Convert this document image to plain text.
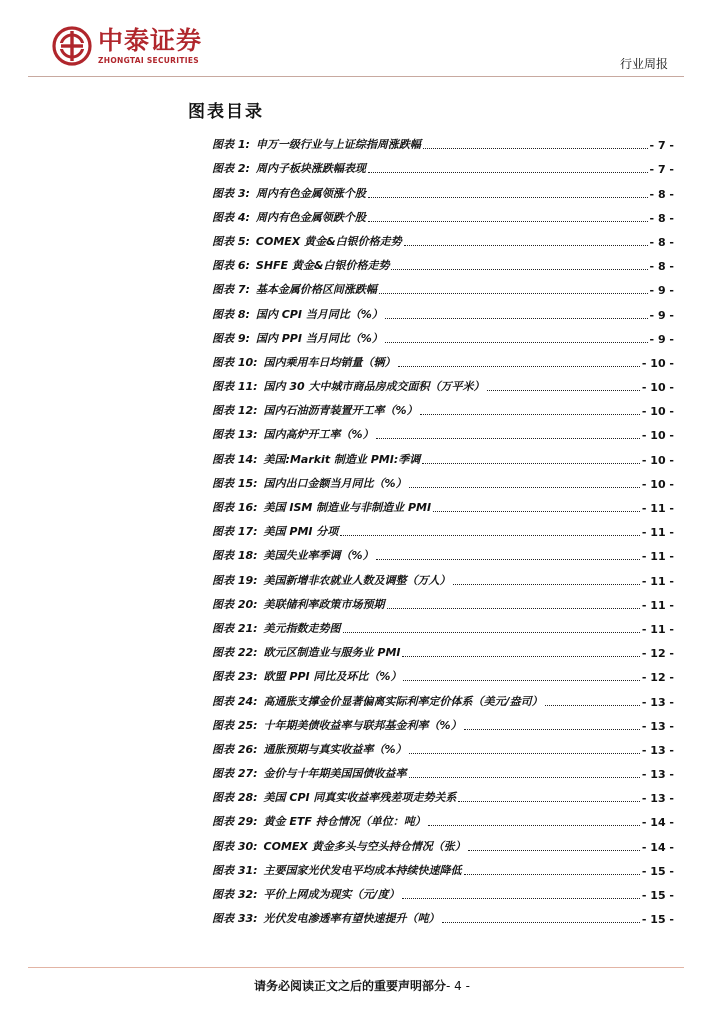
中泰证券
ZHONGTAI SECURITIES	行业周报
图表目录
图表 1: 申万一级行业与上证综指周涨跌幅	- 7 -
图表 2: 周内子板块涨跌幅表现	- 7 -
图表 3: 周内有色金属领涨个股	- 8 -
图表 4: 周内有色金属领跌个股	- 8 -
图表 5: COMEX 黄金&白银价格走势	- 8 -
图表 6: SHFE 黄金&白银价格走势	- 8 -
图表 7: 基本金属价格区间涨跌幅	- 9 -
图表 8: 国内 CPI 当月同比（%）	- 9 -
图表 9: 国内 PPI 当月同比（%）	- 9 -
图表 10: 国内乘用车日均销量（辆）	- 10 -
图表 11: 国内 30 大中城市商品房成交面积（万平米）	- 10 -
图表 12: 国内石油沥青装置开工率（%）	- 10 -
图表 13: 国内高炉开工率（%）	- 10 -
图表 14: 美国:Markit 制造业 PMI:季调	- 10 -
图表 15: 国内出口金额当月同比（%）	- 10 -
图表 16: 美国 ISM 制造业与非制造业 PMI	- 11 -
图表 17: 美国 PMI 分项	- 11 -
图表 18: 美国失业率季调（%）	- 11 -
图表 19: 美国新增非农就业人数及调整（万人）	- 11 -
图表 20: 美联储利率政策市场预期	- 11 -
图表 21: 美元指数走势图	- 11 -
图表 22: 欧元区制造业与服务业 PMI	- 12 -
图表 23: 欧盟 PPI 同比及环比（%）	- 12 -
图表 24: 高通胀支撑金价显著偏离实际利率定价体系（美元/盎司）	- 13 -
图表 25: 十年期美债收益率与联邦基金利率（%）	- 13 -
图表 26: 通胀预期与真实收益率（%）	- 13 -
图表 27: 金价与十年期美国国债收益率	- 13 -
图表 28: 美国 CPI 同真实收益率残差项走势关系	- 13 -
图表 29: 黄金 ETF 持仓情况（单位：吨）	- 14 -
图表 30: COMEX 黄金多头与空头持仓情况（张）	- 14 -
图表 31: 主要国家光伏发电平均成本持续快速降低	- 15 -
图表 32: 平价上网成为现实（元/度）	- 15 -
图表 33: 光伏发电渗透率有望快速提升（吨）	- 15 -
请务必阅读正文之后的重要声明部分- 4 -
